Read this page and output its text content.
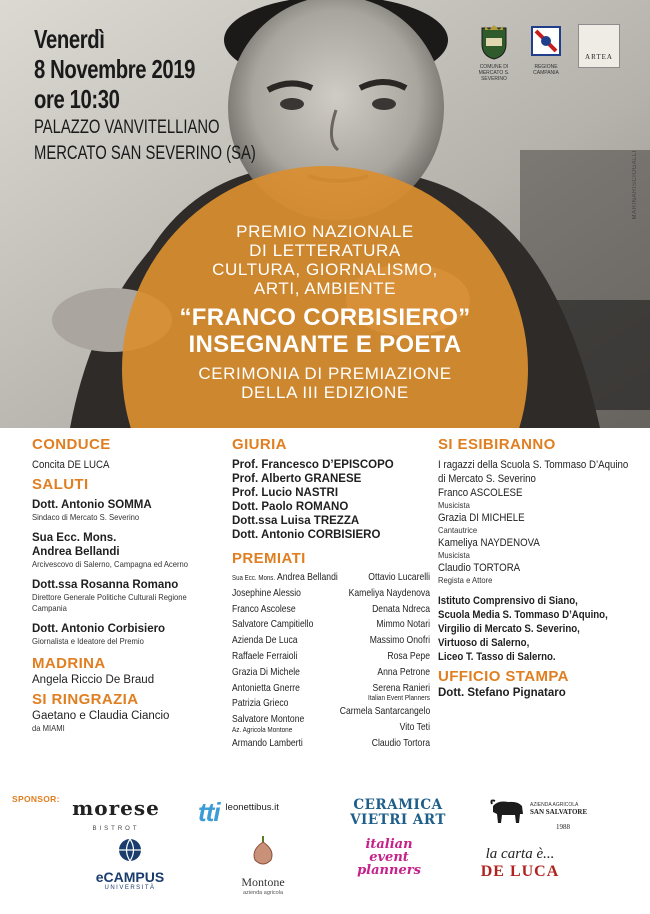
Venerdì
8 Novembre 2019
ore 10:30
PALAZZO VANVITELLIANO
MERCATO SAN SEVERINO (SA)
COMUNE DI MERCATO S. SEVERINO
REGIONE CAMPANIA
ARTEA
MARINARISCIOGALLI
PREMIO NAZIONALE
DI LETTERATURA
CULTURA, GIORNALISMO,
ARTI, AMBIENTE
“FRANCO CORBISIERO”
INSEGNANTE E POETA
CERIMONIA DI PREMIAZIONE
DELLA III EDIZIONE
CONDUCE
Concita DE LUCA
SALUTI
Dott. Antonio SOMMA
Sindaco di Mercato S. Severino
Sua Ecc. Mons.
Andrea Bellandi
Arcivescovo di Salerno, Campagna ed Acerno
Dott.ssa Rosanna Romano
Direttore Generale Politiche Culturali Regione
Campania
Dott. Antonio Corbisiero
Giornalista e Ideatore del Premio
MADRINA
Angela Riccio De Braud
SI RINGRAZIA
Gaetano e Claudia Ciancio
da MIAMI
GIURIA
Prof. Francesco D’EPISCOPO
Prof. Alberto GRANESE
Prof. Lucio NASTRI
Dott. Paolo ROMANO
Dott.ssa Luisa TREZZA
Dott. Antonio CORBISIERO
PREMIATI
Sua Ecc. Mons. Andrea Bellandi
Josephine Alessio
Franco Ascolese
Salvatore Campitiello
Azienda De Luca
Raffaele Ferraioli
Grazia Di Michele
Antonietta Gnerre
Patrizia Grieco
Salvatore Montone
Az. Agricola Montone
Armando Lamberti
Ottavio Lucarelli
Kameliya Naydenova
Denata Ndreca
Mimmo Notari
Massimo Onofri
Rosa Pepe
Anna Petrone
Serena Ranieri
Italian Event Planners
Carmela Santarcangelo
Vito Teti
Claudio Tortora
SI ESIBIRANNO
I ragazzi della Scuola S. Tommaso D’Aquino
di Mercato S. Severino
Franco ASCOLESE
Musicista
Grazia DI MICHELE
Cantautrice
Kameliya NAYDENOVA
Musicista
Claudio TORTORA
Regista e Attore
Istituto Comprensivo di Siano,
Scuola Media S. Tommaso D’Aquino,
Virgilio di Mercato S. Severino,
Virtuoso di Salerno,
Liceo T. Tasso di Salerno.
UFFICIO STAMPA
Dott. Stefano Pignataro
SPONSOR: morese
BISTROT
tti leonettibus.it	CERAMICA
VIETRI ART
AZIENDA AGRICOLA
SAN SALVATORE
1988
eCAMPUS
UNIVERSITÀ	Montone
azienda agricola
italian
event
planners
la carta è...
DE LUCA
